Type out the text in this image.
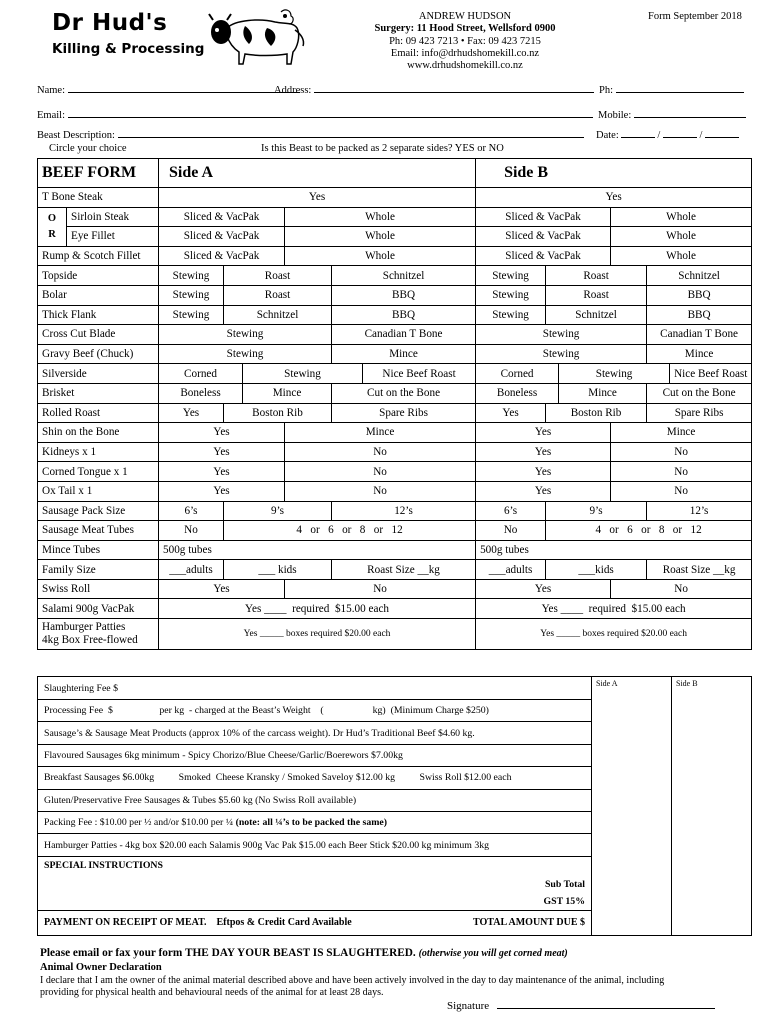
Dr Hud's
Killing & Processing
ANDREW HUDSON
Surgery: 11 Hood Street, Wellsford 0900
Ph: 09 423 7213 • Fax: 09 423 7215
Email: info@drhudshomekill.co.nz
www.drhudshomekill.co.nz
Form September 2018
Name:	Address:	Ph:
Email:	Mobile:
Beast Description:	Date:	/	/
Circle your choice	Is this Beast to be packed as 2 separate sides? YES or NO
BEEF FORM		Side A						Side B					
T Bone Steak		Yes						Yes					
O R	Sirloin Steak	Sliced & VacPak			Whole			Sliced & VacPak			Whole		
	Eye Fillet	Sliced & VacPak			Whole			Sliced & VacPak			Whole		
Rump & Scotch Fillet		Sliced & VacPak			Whole			Sliced & VacPak			Whole		
Topside		Stewing	Roast			Schnitzel		Stewing	Roast			Schnitzel	
Bolar		Stewing	Roast			BBQ		Stewing	Roast			BBQ	
Thick Flank		Stewing	Schnitzel			BBQ		Stewing	Schnitzel			BBQ	
Cross Cut Blade		Stewing				Canadian T Bone		Stewing				Canadian T Bone	
Gravy Beef (Chuck)		Stewing				Mince		Stewing				Mince	
Silverside		Corned		Stewing			Nice Beef Roast	Corned		Stewing			Nice Beef Roast
Brisket		Boneless		Mince		Cut on the Bone		Boneless		Mince		Cut on the Bone	
Rolled Roast		Yes	Boston Rib			Spare Ribs		Yes	Boston Rib			Spare Ribs	
Shin on the Bone		Yes			Mince			Yes			Mince		
Kidneys x 1		Yes			No			Yes			No		
Corned Tongue x 1		Yes			No			Yes			No		
Ox Tail x 1		Yes			No			Yes			No		
Sausage Pack Size		6’s	9’s			12’s		6’s	9’s			12’s	
Sausage Meat Tubes		No	4   or   6   or   8   or   12					No	4   or   6   or   8   or   12				
Mince Tubes		500g tubes						500g tubes					
Family Size		___adults	___ kids			Roast Size __kg		___adults	___kids			Roast Size __kg	
Swiss Roll		Yes			No			Yes			No		
Salami 900g VacPak		Yes ____  required  $15.00 each						Yes ____  required  $15.00 each					
Hamburger Patties
4kg Box Free-flowed		Yes _____ boxes required $20.00 each						Yes _____ boxes required $20.00 each					
Slaughtering Fee $	Side A	Side B
Processing Fee  $                   per kg  - charged at the Beast’s Weight    (                    kg)  (Minimum Charge $250)
Sausage’s & Sausage Meat Products (approx 10% of the carcass weight). Dr Hud’s Traditional Beef $4.60 kg.
Flavoured Sausages 6kg minimum - Spicy Chorizo/Blue Cheese/Garlic/Boerewors $7.00kg
Breakfast Sausages $6.00kg          Smoked  Cheese Kransky / Smoked Saveloy $12.00 kg          Swiss Roll $12.00 each
Gluten/Preservative Free Sausages & Tubes $5.60 kg (No Swiss Roll available)
Packing Fee : $10.00 per ½ and/or $10.00 per ¼ (note: all ¼’s to be packed the same)
Hamburger Patties - 4kg box $20.00 each Salamis 900g Vac Pak $15.00 each Beer Stick $20.00 kg minimum 3kg
SPECIAL INSTRUCTIONS
Sub Total
GST 15%
PAYMENT ON RECEIPT OF MEAT.    Eftpos & Credit Card Available	TOTAL AMOUNT DUE $
Please email or fax your form THE DAY YOUR BEAST IS SLAUGHTERED. (otherwise you will get corned meat)
Animal Owner Declaration
I declare that I am the owner of the animal material described above and have been actively involved in the day to day maintenance of the animal, including
providing for physical health and behavioural needs of the animal for at least 28 days.
Signature
